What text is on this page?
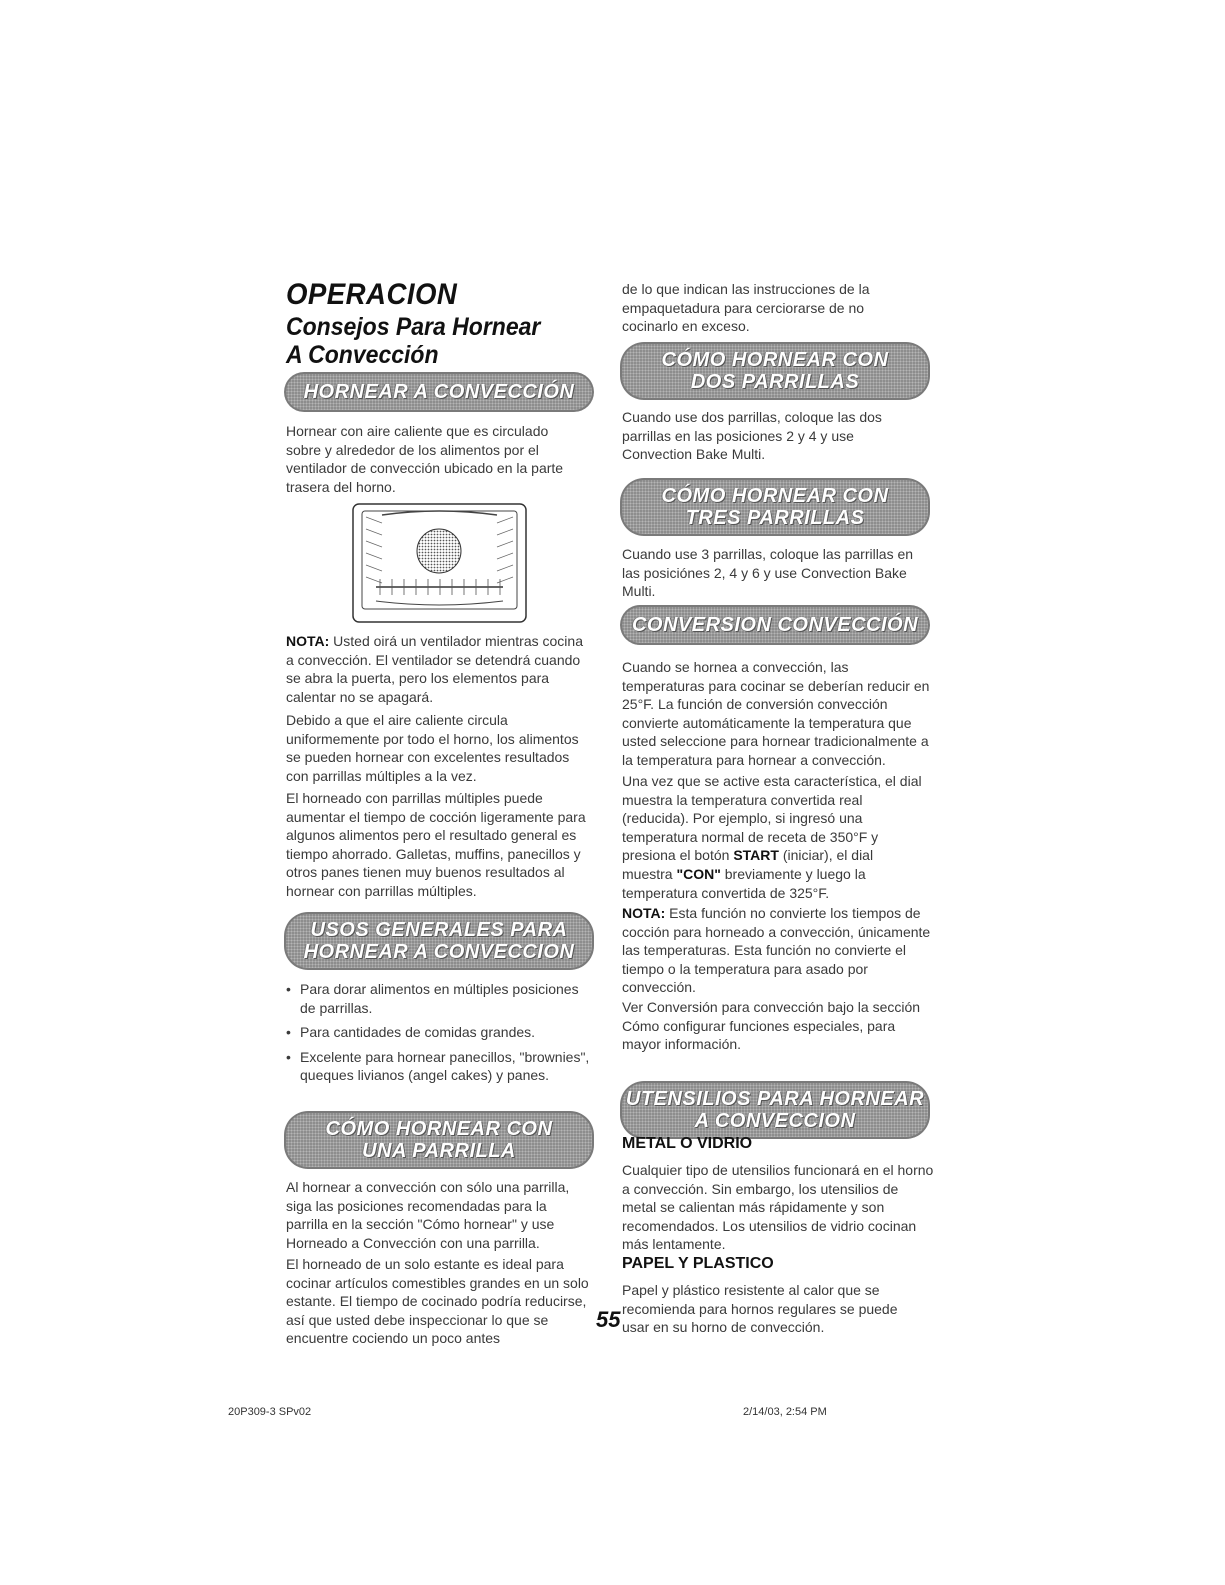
OPERACION
Consejos Para Hornear
A Convección
HORNEAR A CONVECCIÓN

Hornear con aire caliente que es circulado sobre y alrededor de los alimentos por el ventilador de convección ubicado en la parte trasera del horno.

NOTA: Usted oirá un ventilador mientras cocina a convección. El ventilador se detendrá cuando se abra la puerta, pero los elementos para calentar no se apagará.

Debido a que el aire caliente circula uniformemente por todo el horno, los alimentos se pueden hornear con excelentes resultados con parrillas múltiples a la vez.

El horneado con parrillas múltiples puede aumentar el tiempo de cocción ligeramente para algunos alimentos pero el resultado general es tiempo ahorrado. Galletas, muffins, panecillos y otros panes tienen muy buenos resultados al hornear con parrillas múltiples.

USOS GENERALES PARA
HORNEAR A CONVECCION
• Para dorar alimentos en múltiples posiciones de parrillas.
• Para cantidades de comidas grandes.
• Excelente para hornear panecillos, "brownies", queques livianos (angel cakes) y panes.
CÓMO HORNEAR CON
UNA PARRILLA

Al hornear a convección con sólo una parrilla, siga las posiciones recomendadas para la parrilla en la sección "Cómo hornear" y use Horneado a Convección con una parrilla.

El horneado de un solo estante es ideal para cocinar artículos comestibles grandes en un solo estante. El tiempo de cocinado podría reducirse, así que usted debe inspeccionar lo que se encuentre cociendo un poco antes

de lo que indican las instrucciones de la empaquetadura para cerciorarse de no cocinarlo en exceso.

CÓMO HORNEAR CON
DOS PARRILLAS

Cuando use dos parrillas, coloque las dos parrillas en las posiciones 2 y 4 y use Convection Bake Multi.

CÓMO HORNEAR CON
TRES PARRILLAS

Cuando use 3 parrillas, coloque las parrillas en las posiciónes 2, 4 y 6 y use Convection Bake Multi.

CONVERSION CONVECCIÓN

Cuando se hornea a convección, las temperaturas para cocinar se deberían reducir en 25°F. La función de conversión convección convierte automáticamente la temperatura que usted seleccione para hornear tradicionalmente a la temperatura para hornear a convección.

Una vez que se active esta característica, el dial muestra la temperatura convertida real (reducida). Por ejemplo, si ingresó una temperatura normal de receta de 350°F y presiona el botón START (iniciar), el dial muestra "CON" breviamente y luego la temperatura convertida de 325°F.

NOTA: Esta función no convierte los tiempos de cocción para horneado a convección, únicamente las temperaturas. Esta función no convierte el tiempo o la temperatura para asado por convección.

Ver Conversión para convección bajo la sección Cómo configurar funciones especiales, para mayor información.

UTENSILIOS PARA HORNEAR
A CONVECCION
METAL O VIDRIO

Cualquier tipo de utensilios funcionará en el horno a convección. Sin embargo, los utensilios de metal se calientan más rápidamente y son recomendados. Los utensilios de vidrio cocinan más lentamente.

PAPEL Y PLASTICO

Papel y plástico resistente al calor que se recomienda para hornos regulares se puede usar en su horno de convección.

55
20P309-3 SPv02	2/14/03, 2:54 PM
